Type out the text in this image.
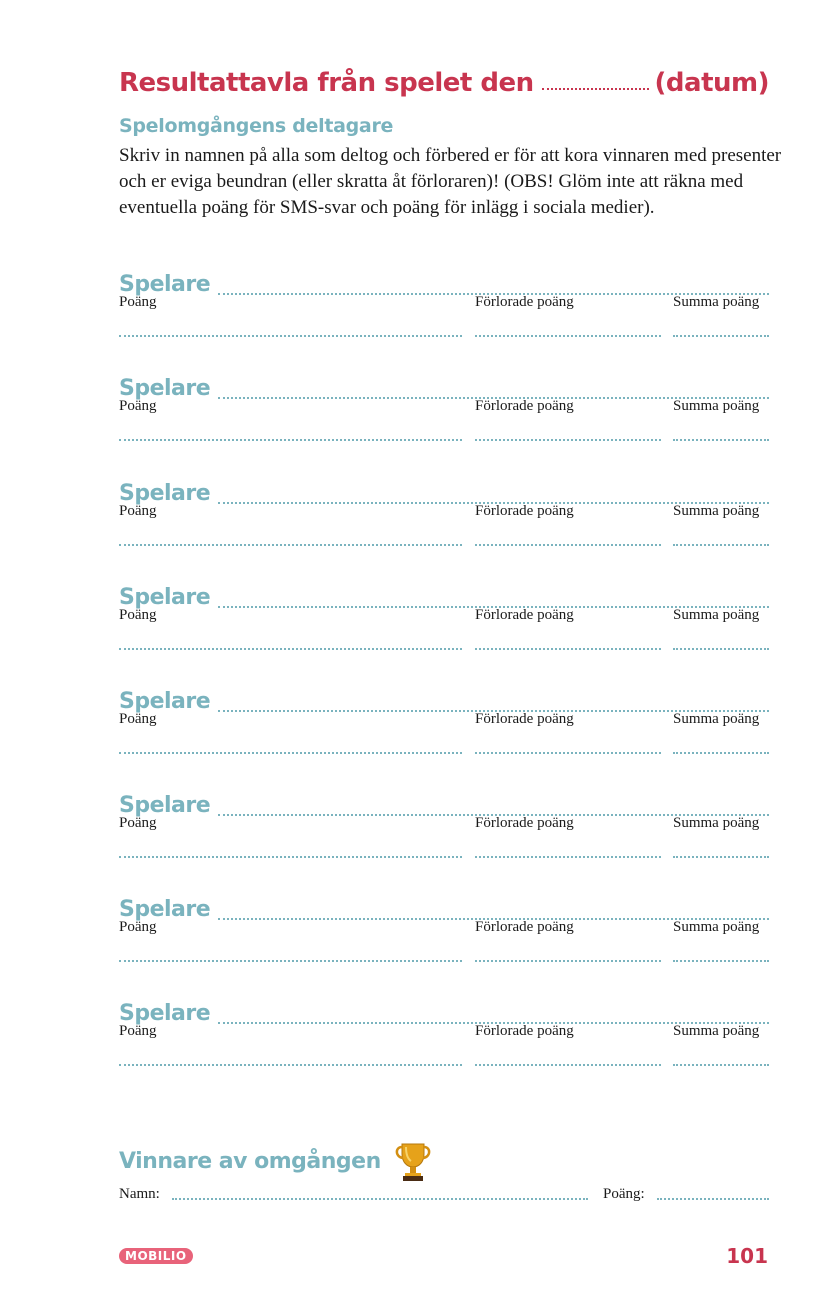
Resultattavla från spelet den	(datum)
Spelomgångens deltagare
Skriv in namnen på alla som deltog och förbered er för att kora vinnaren med presenter och er eviga beundran (eller skratta åt förloraren)! (OBS! Glöm inte att räkna med eventuella poäng för SMS-svar och poäng för inlägg i sociala medier).
Spelare
Poäng	Förlorade poäng	Summa poäng
Spelare
Poäng	Förlorade poäng	Summa poäng
Spelare
Poäng	Förlorade poäng	Summa poäng
Spelare
Poäng	Förlorade poäng	Summa poäng
Spelare
Poäng	Förlorade poäng	Summa poäng
Spelare
Poäng	Förlorade poäng	Summa poäng
Spelare
Poäng	Förlorade poäng	Summa poäng
Spelare
Poäng	Förlorade poäng	Summa poäng
Vinnare av omgången
Namn:	Poäng:
MOBILIO	101
